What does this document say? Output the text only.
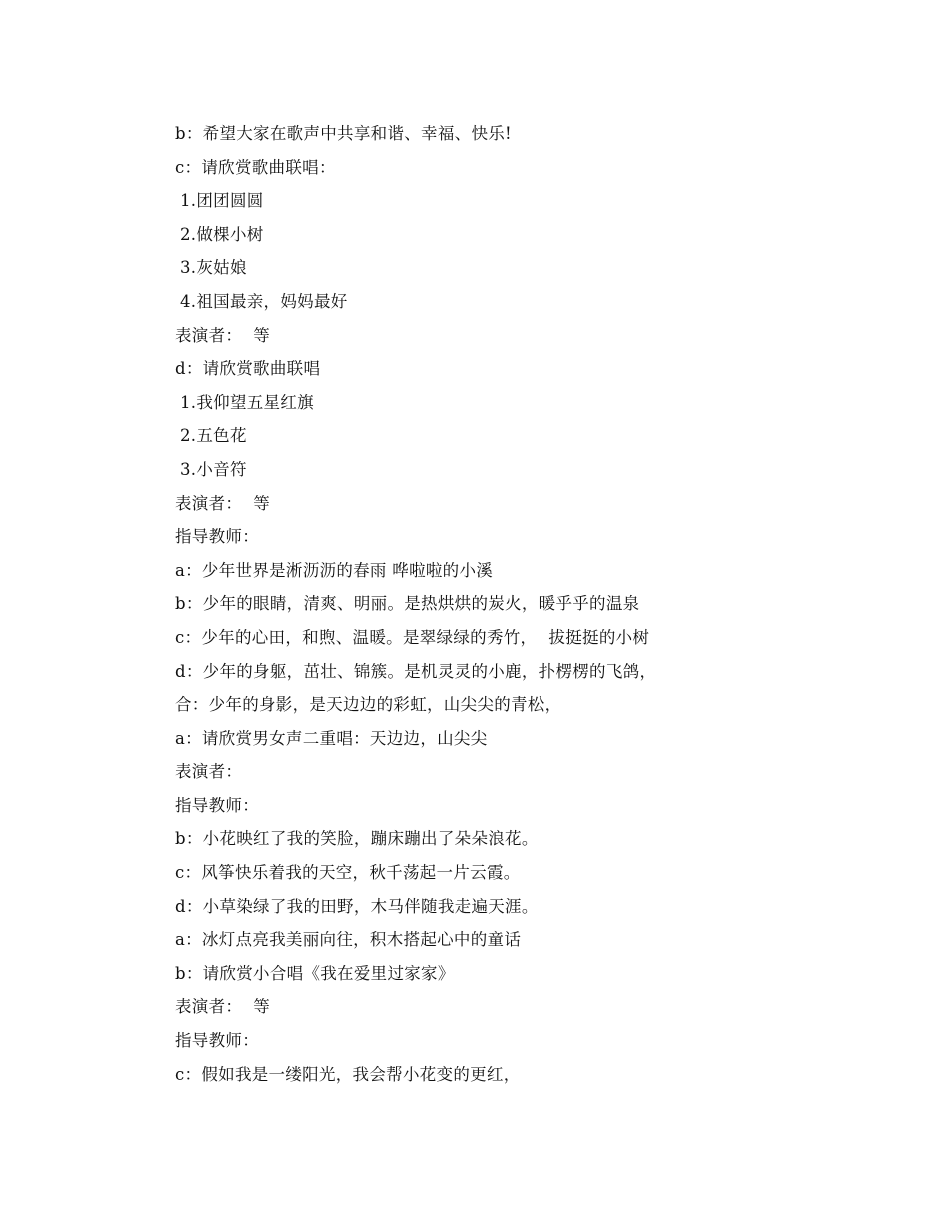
b：希望大家在歌声中共享和谐、幸福、快乐!
c：请欣赏歌曲联唱：
1.团团圆圆
2.做棵小树
3.灰姑娘
4.祖国最亲，妈妈最好
表演者：  等
d：请欣赏歌曲联唱
1.我仰望五星红旗
2.五色花
3.小音符
表演者：  等
指导教师：
a：少年世界是淅沥沥的春雨 哗啦啦的小溪
b：少年的眼睛，清爽、明丽。是热烘烘的炭火，暖乎乎的温泉
c：少年的心田，和煦、温暖。是翠绿绿的秀竹，  拔挺挺的小树
d：少年的身躯，茁壮、锦簇。是机灵灵的小鹿，扑楞楞的飞鸽，
合：少年的身影，是天边边的彩虹，山尖尖的青松，
a：请欣赏男女声二重唱：天边边，山尖尖
表演者：
指导教师：
b：小花映红了我的笑脸，蹦床蹦出了朵朵浪花。
c：风筝快乐着我的天空，秋千荡起一片云霞。
d：小草染绿了我的田野，木马伴随我走遍天涯。
a：冰灯点亮我美丽向往，积木搭起心中的童话
b：请欣赏小合唱《我在爱里过家家》
表演者：  等
指导教师：
c：假如我是一缕阳光，我会帮小花变的更红，
